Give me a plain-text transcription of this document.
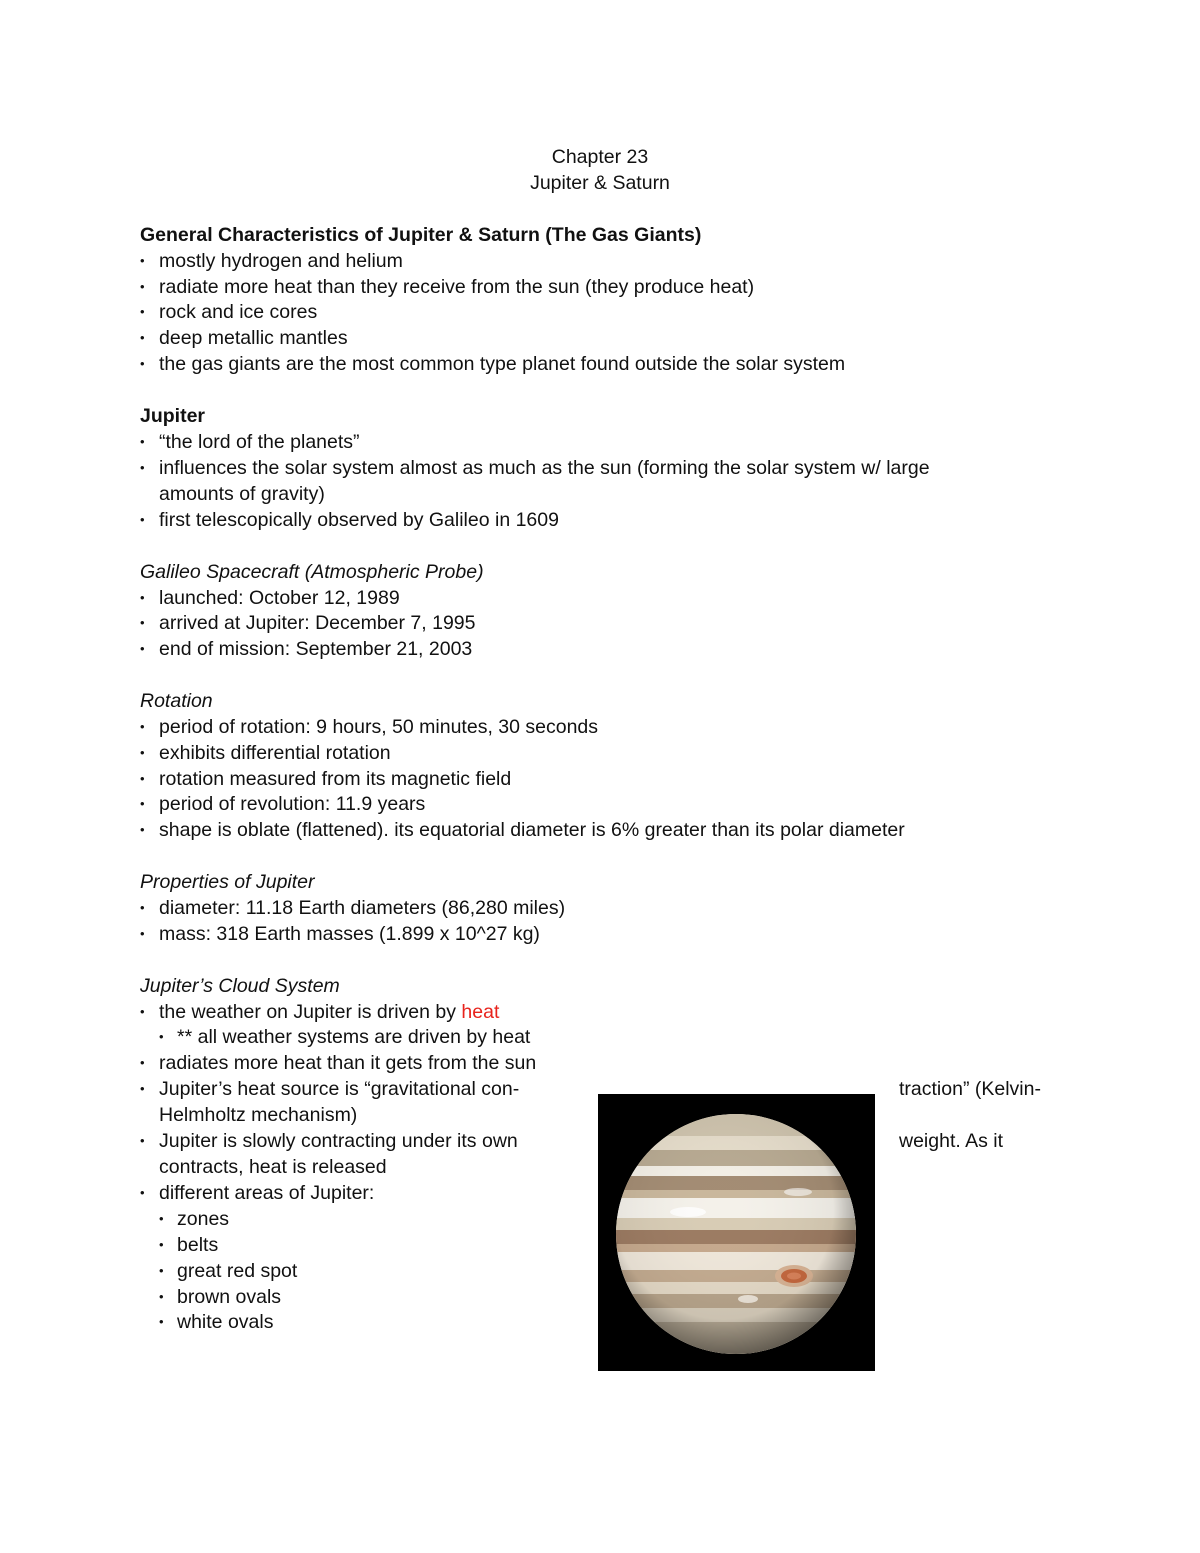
Chapter 23
Jupiter & Saturn
General Characteristics of Jupiter & Saturn (The Gas Giants)
• mostly hydrogen and helium
• radiate more heat than they receive from the sun (they produce heat)
• rock and ice cores
• deep metallic mantles
• the gas giants are the most common type planet found outside the solar system
Jupiter
• “the lord of the planets”
• influences the solar system almost as much as the sun (forming the solar system w/ large
amounts of gravity)
• first telescopically observed by Galileo in 1609
Galileo Spacecraft (Atmospheric Probe)
• launched: October 12, 1989
• arrived at Jupiter: December 7, 1995
• end of mission: September 21, 2003
Rotation
• period of rotation: 9 hours, 50 minutes, 30 seconds
• exhibits differential rotation
• rotation measured from its magnetic field
• period of revolution: 11.9 years
• shape is oblate (flattened). its equatorial diameter is 6% greater than its polar diameter
Properties of Jupiter
• diameter: 11.18 Earth diameters (86,280 miles)
• mass: 318 Earth masses (1.899 x 10^27 kg)
Jupiter’s Cloud System
• the weather on Jupiter is driven by heat
• ** all weather systems are driven by heat
• radiates more heat than it gets from the sun
• Jupiter’s heat source is “gravitational con-	traction” (Kelvin-
Helmholtz mechanism)
• Jupiter is slowly contracting under its own	weight. As it
contracts, heat is released
• different areas of Jupiter:
• zones
• belts
• great red spot
• brown ovals
• white ovals
